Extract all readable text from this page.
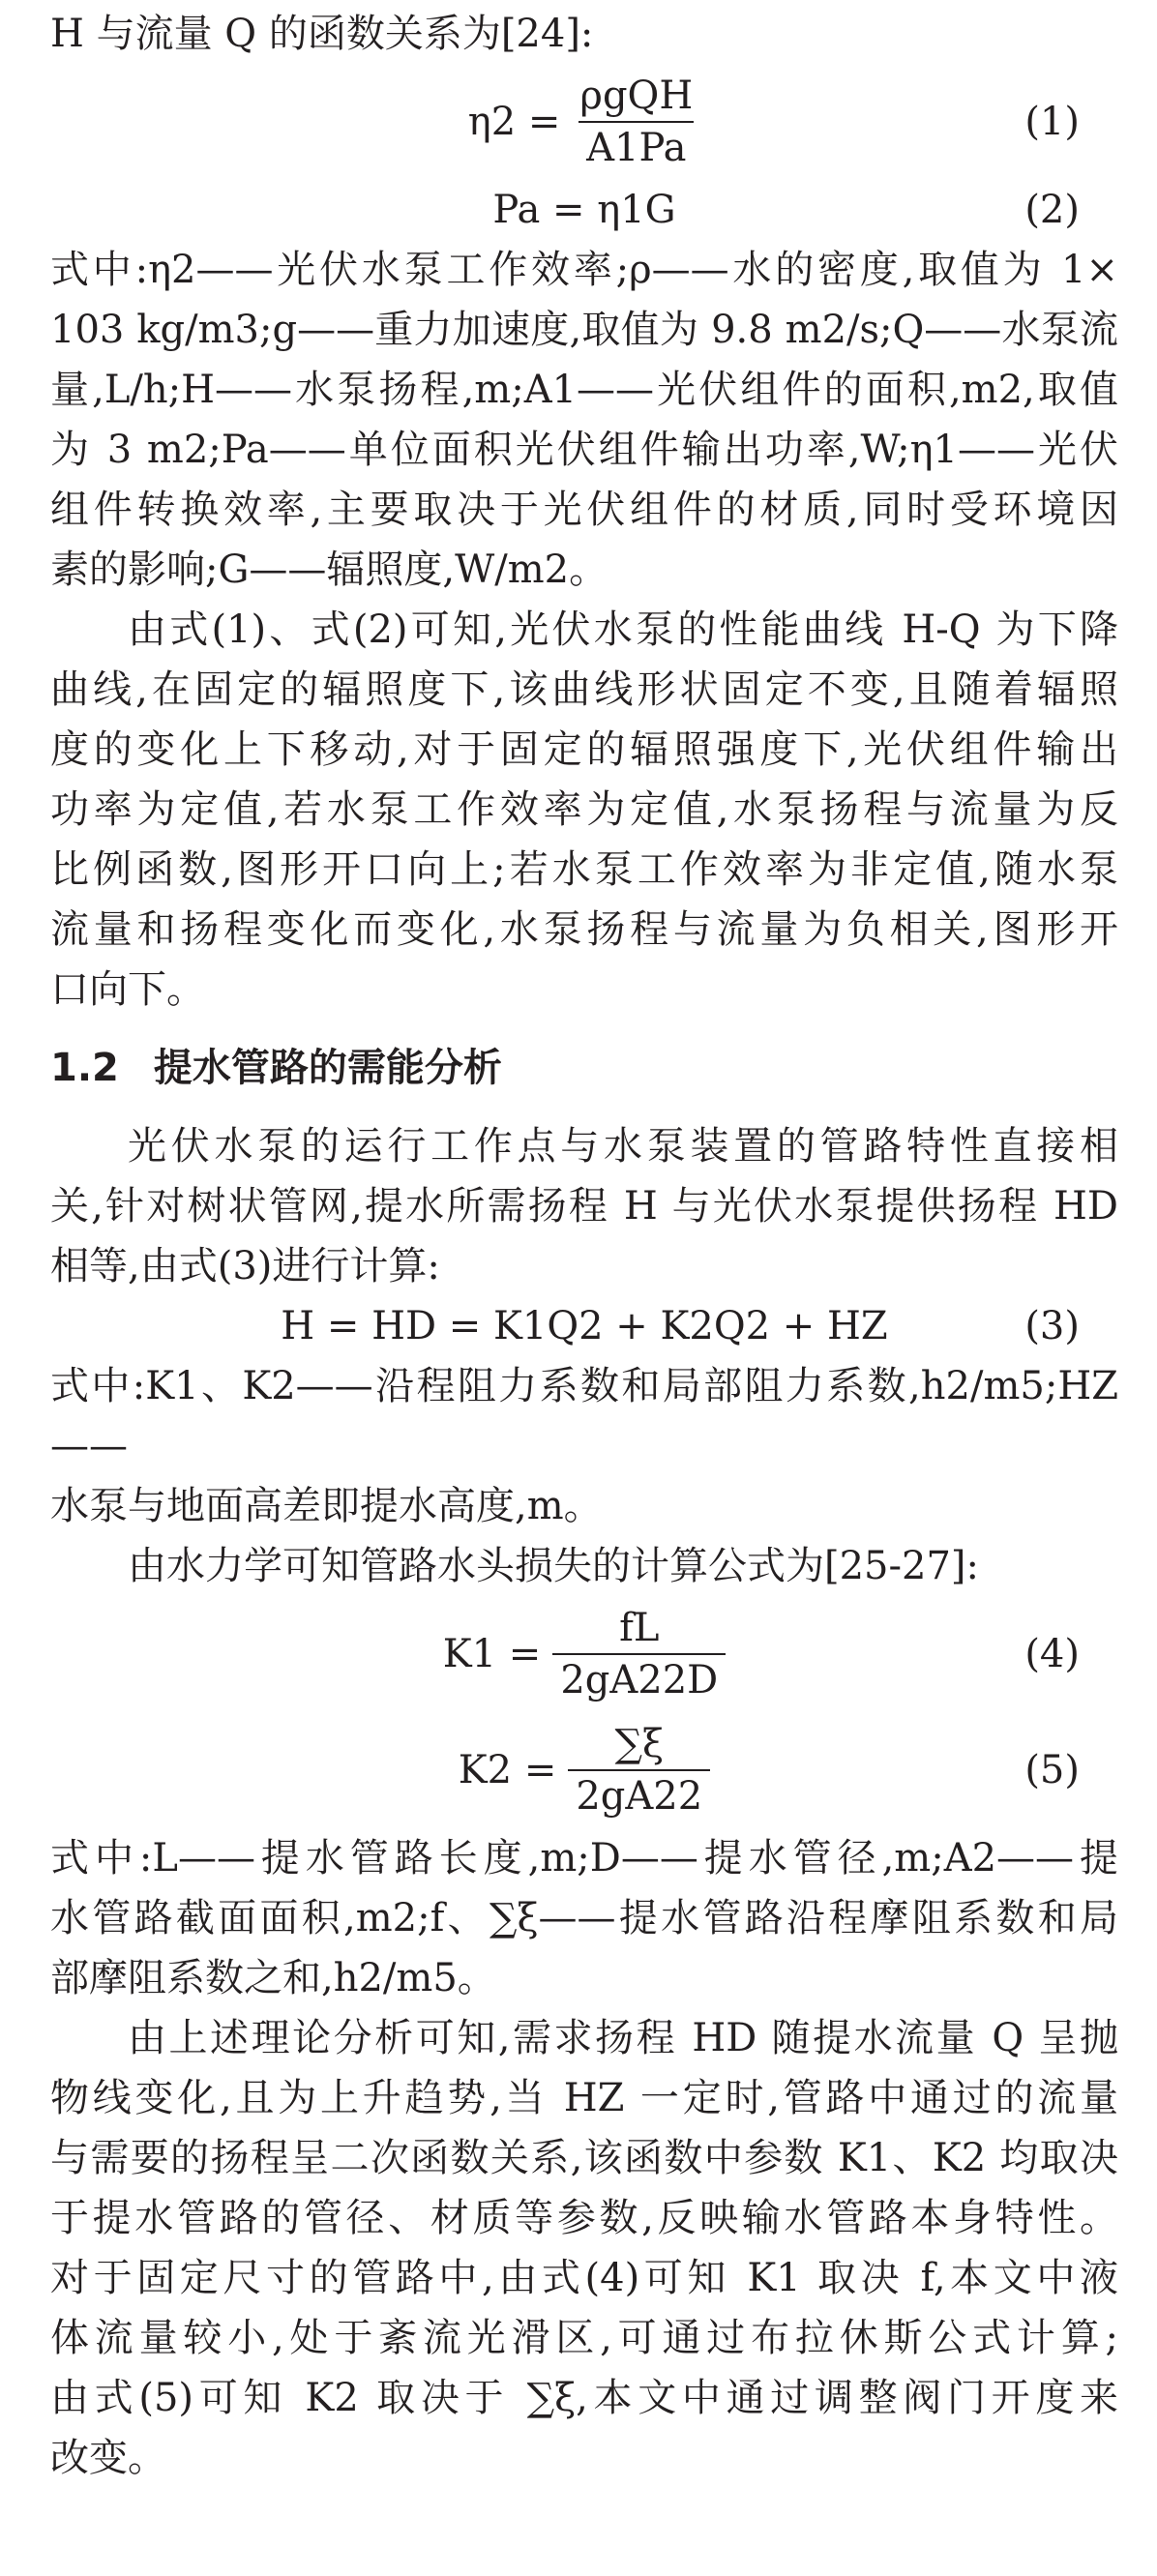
H 与流量 Q 的函数关系为[24]:

$\eta 2 = \frac{\text{ρgQH}}{A1Pa}$	(1)
Pa = η1G	(2)

式中:η2——光伏水泵工作效率;ρ——水的密度,取值为 1×

103 kg/m3;g——重力加速度,取值为 9.8 m2/s;Q——水泵流

量,L/h;H——水泵扬程,m;A1——光伏组件的面积,m2,取值

为 3 m2;Pa——单位面积光伏组件输出功率,W;η1——光伏

组件转换效率,主要取决于光伏组件的材质,同时受环境因

素的影响;G——辐照度,W/m2。

由式(1)、式(2)可知,光伏水泵的性能曲线 H-Q 为下降

曲线,在固定的辐照度下,该曲线形状固定不变,且随着辐照

度的变化上下移动,对于固定的辐照强度下,光伏组件输出

功率为定值,若水泵工作效率为定值,水泵扬程与流量为反

比例函数,图形开口向上;若水泵工作效率为非定值,随水泵

流量和扬程变化而变化,水泵扬程与流量为负相关,图形开

口向下。

1.2 提水管路的需能分析

光伏水泵的运行工作点与水泵装置的管路特性直接相

关,针对树状管网,提水所需扬程 H 与光伏水泵提供扬程 HD

相等,由式(3)进行计算:

H = HD = K1Q2 + K2Q2 + HZ	(3)

式中:K1、K2——沿程阻力系数和局部阻力系数,h2/m5;HZ——

水泵与地面高差即提水高度,m。

由水力学可知管路水头损失的计算公式为[25-27]:

$K1 = \frac{fL}{2gA22D}$	(4)
$K2 = \frac{\sum\xi}{2gA22}$	(5)

式中:L——提水管路长度,m;D——提水管径,m;A2——提

水管路截面面积,m2;f、∑ξ——提水管路沿程摩阻系数和局

部摩阻系数之和,h2/m5。

由上述理论分析可知,需求扬程 HD 随提水流量 Q 呈抛

物线变化,且为上升趋势,当 HZ 一定时,管路中通过的流量

与需要的扬程呈二次函数关系,该函数中参数 K1、K2 均取决

于提水管路的管径、材质等参数,反映输水管路本身特性。

对于固定尺寸的管路中,由式(4)可知 K1 取决 f,本文中液

体流量较小,处于紊流光滑区,可通过布拉休斯公式计算;

由式(5)可知 K2 取决于 ∑ξ,本文中通过调整阀门开度来

改变。
